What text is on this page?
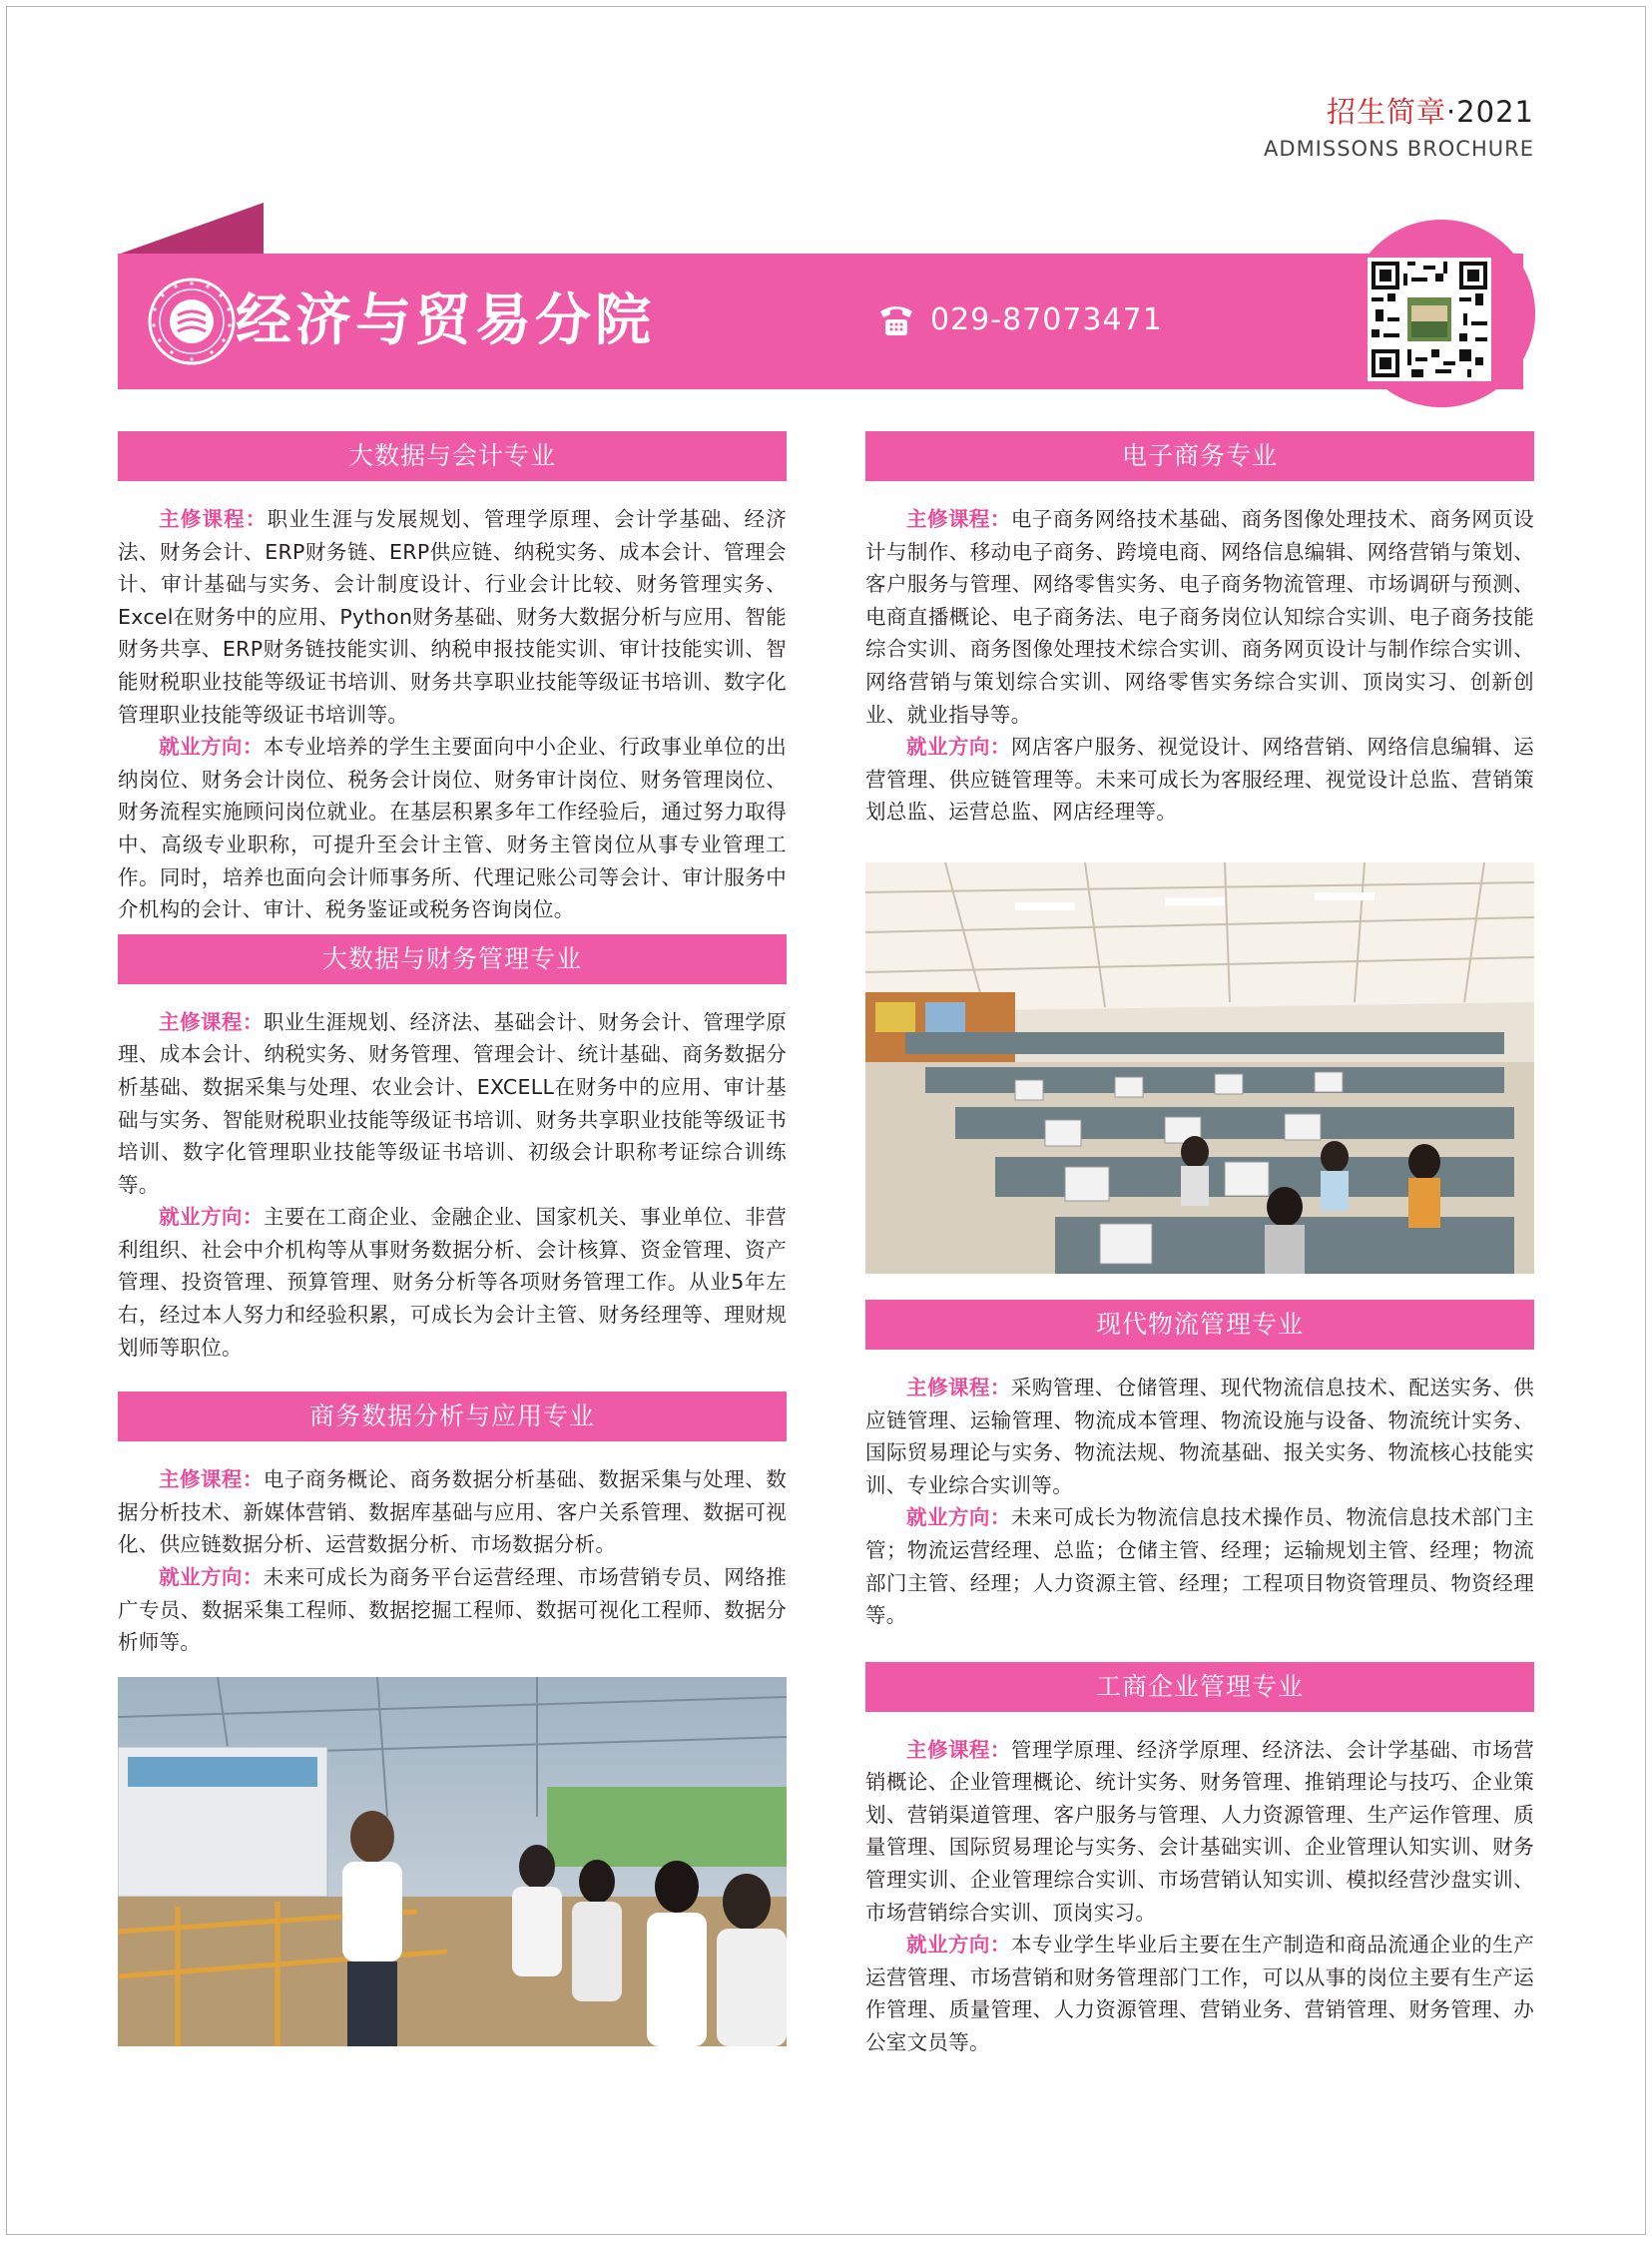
招生简章·2021
ADMISSONS BROCHURE
经济与贸易分院	029-87073471
大数据与会计专业

主修课程：职业生涯与发展规划、管理学原理、会计学基础、经济法、财务会计、ERP财务链、ERP供应链、纳税实务、成本会计、管理会计、审计基础与实务、会计制度设计、行业会计比较、财务管理实务、Excel在财务中的应用、Python财务基础、财务大数据分析与应用、智能财务共享、ERP财务链技能实训、纳税申报技能实训、审计技能实训、智能财税职业技能等级证书培训、财务共享职业技能等级证书培训、数字化管理职业技能等级证书培训等。

就业方向：本专业培养的学生主要面向中小企业、行政事业单位的出纳岗位、财务会计岗位、税务会计岗位、财务审计岗位、财务管理岗位、财务流程实施顾问岗位就业。在基层积累多年工作经验后，通过努力取得中、高级专业职称，可提升至会计主管、财务主管岗位从事专业管理工作。同时，培养也面向会计师事务所、代理记账公司等会计、审计服务中介机构的会计、审计、税务鉴证或税务咨询岗位。

大数据与财务管理专业

主修课程：职业生涯规划、经济法、基础会计、财务会计、管理学原理、成本会计、纳税实务、财务管理、管理会计、统计基础、商务数据分析基础、数据采集与处理、农业会计、EXCELL在财务中的应用、审计基础与实务、智能财税职业技能等级证书培训、财务共享职业技能等级证书培训、数字化管理职业技能等级证书培训、初级会计职称考证综合训练等。

就业方向：主要在工商企业、金融企业、国家机关、事业单位、非营利组织、社会中介机构等从事财务数据分析、会计核算、资金管理、资产管理、投资管理、预算管理、财务分析等各项财务管理工作。从业5年左右，经过本人努力和经验积累，可成长为会计主管、财务经理等、理财规划师等职位。

商务数据分析与应用专业

主修课程：电子商务概论、商务数据分析基础、数据采集与处理、数据分析技术、新媒体营销、数据库基础与应用、客户关系管理、数据可视化、供应链数据分析、运营数据分析、市场数据分析。

就业方向：未来可成长为商务平台运营经理、市场营销专员、网络推广专员、数据采集工程师、数据挖掘工程师、数据可视化工程师、数据分析师等。

电子商务专业

主修课程：电子商务网络技术基础、商务图像处理技术、商务网页设计与制作、移动电子商务、跨境电商、网络信息编辑、网络营销与策划、客户服务与管理、网络零售实务、电子商务物流管理、市场调研与预测、电商直播概论、电子商务法、电子商务岗位认知综合实训、电子商务技能综合实训、商务图像处理技术综合实训、商务网页设计与制作综合实训、网络营销与策划综合实训、网络零售实务综合实训、顶岗实习、创新创业、就业指导等。

就业方向：网店客户服务、视觉设计、网络营销、网络信息编辑、运营管理、供应链管理等。未来可成长为客服经理、视觉设计总监、营销策划总监、运营总监、网店经理等。

现代物流管理专业

主修课程：采购管理、仓储管理、现代物流信息技术、配送实务、供应链管理、运输管理、物流成本管理、物流设施与设备、物流统计实务、国际贸易理论与实务、物流法规、物流基础、报关实务、物流核心技能实训、专业综合实训等。

就业方向：未来可成长为物流信息技术操作员、物流信息技术部门主管；物流运营经理、总监；仓储主管、经理；运输规划主管、经理；物流部门主管、经理；人力资源主管、经理；工程项目物资管理员、物资经理等。

工商企业管理专业

主修课程：管理学原理、经济学原理、经济法、会计学基础、市场营销概论、企业管理概论、统计实务、财务管理、推销理论与技巧、企业策划、营销渠道管理、客户服务与管理、人力资源管理、生产运作管理、质量管理、国际贸易理论与实务、会计基础实训、企业管理认知实训、财务管理实训、企业管理综合实训、市场营销认知实训、模拟经营沙盘实训、市场营销综合实训、顶岗实习。

就业方向：本专业学生毕业后主要在生产制造和商品流通企业的生产运营管理、市场营销和财务管理部门工作，可以从事的岗位主要有生产运作管理、质量管理、人力资源管理、营销业务、营销管理、财务管理、办公室文员等。
